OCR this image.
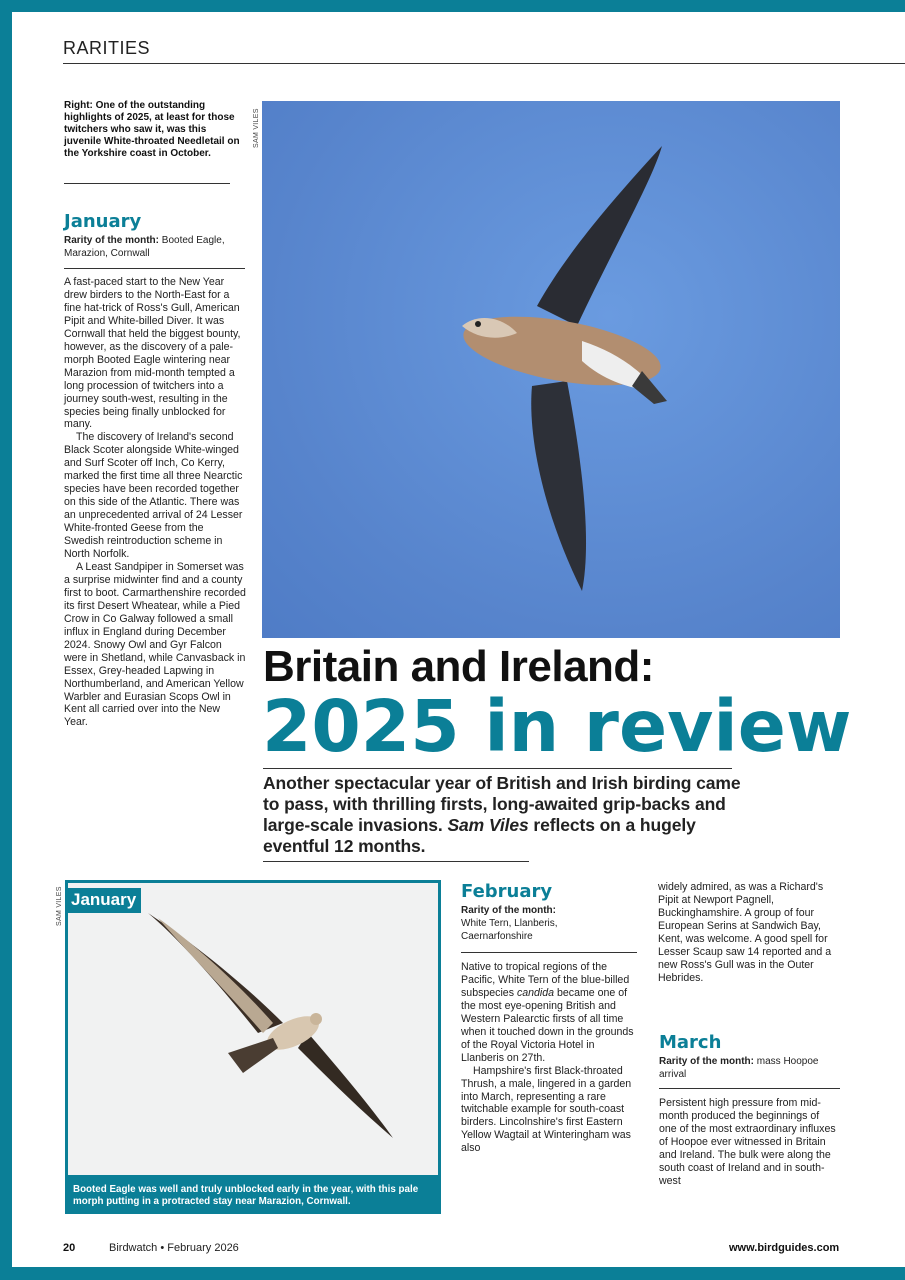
RARITIES
Right: One of the outstanding highlights of 2025, at least for those twitchers who saw it, was this juvenile White-throated Needletail on the Yorkshire coast in October.
January
Rarity of the month: Booted Eagle, Marazion, Cornwall

A fast-paced start to the New Year drew birders to the North-East for a fine hat-trick of Ross's Gull, American Pipit and White-billed Diver. It was Cornwall that held the biggest bounty, however, as the discovery of a pale-morph Booted Eagle wintering near Marazion from mid-month tempted a long procession of twitchers into a journey south-west, resulting in the species being finally unblocked for many.

The discovery of Ireland's second Black Scoter alongside White-winged and Surf Scoter off Inch, Co Kerry, marked the first time all three Nearctic species have been recorded together on this side of the Atlantic. There was an unprecedented arrival of 24 Lesser White-fronted Geese from the Swedish reintroduction scheme in North Norfolk.

A Least Sandpiper in Somerset was a surprise midwinter find and a county first to boot. Carmarthenshire recorded its first Desert Wheatear, while a Pied Crow in Co Galway followed a small influx in England during December 2024. Snowy Owl and Gyr Falcon were in Shetland, while Canvasback in Essex, Grey-headed Lapwing in Northumberland, and American Yellow Warbler and Eurasian Scops Owl in Kent all carried over into the New Year.

SAM VILES
Britain and Ireland:
2025 in review
Another spectacular year of British and Irish birding came to pass, with thrilling firsts, long-awaited grip-backs and large-scale invasions. Sam Viles reflects on a hugely eventful 12 months.
SAM VILES January
Booted Eagle was well and truly unblocked early in the year, with this pale morph putting in a protracted stay near Marazion, Cornwall.
February
Rarity of the month:
White Tern, Llanberis, Caernarfonshire

Native to tropical regions of the Pacific, White Tern of the blue-billed subspecies candida became one of the most eye-opening British and Western Palearctic firsts of all time when it touched down in the grounds of the Royal Victoria Hotel in Llanberis on 27th.

Hampshire's first Black-throated Thrush, a male, lingered in a garden into March, representing a rare twitchable example for south-coast birders. Lincolnshire's first Eastern Yellow Wagtail at Winteringham was also

widely admired, as was a Richard's Pipit at Newport Pagnell, Buckinghamshire. A group of four European Serins at Sandwich Bay, Kent, was welcome. A good spell for Lesser Scaup saw 14 reported and a new Ross's Gull was in the Outer Hebrides.

March
Rarity of the month: mass Hoopoe arrival

Persistent high pressure from mid-month produced the beginnings of one of the most extraordinary influxes of Hoopoe ever witnessed in Britain and Ireland. The bulk were along the south coast of Ireland and in south-west

20	Birdwatch • February 2026	www.birdguides.com
